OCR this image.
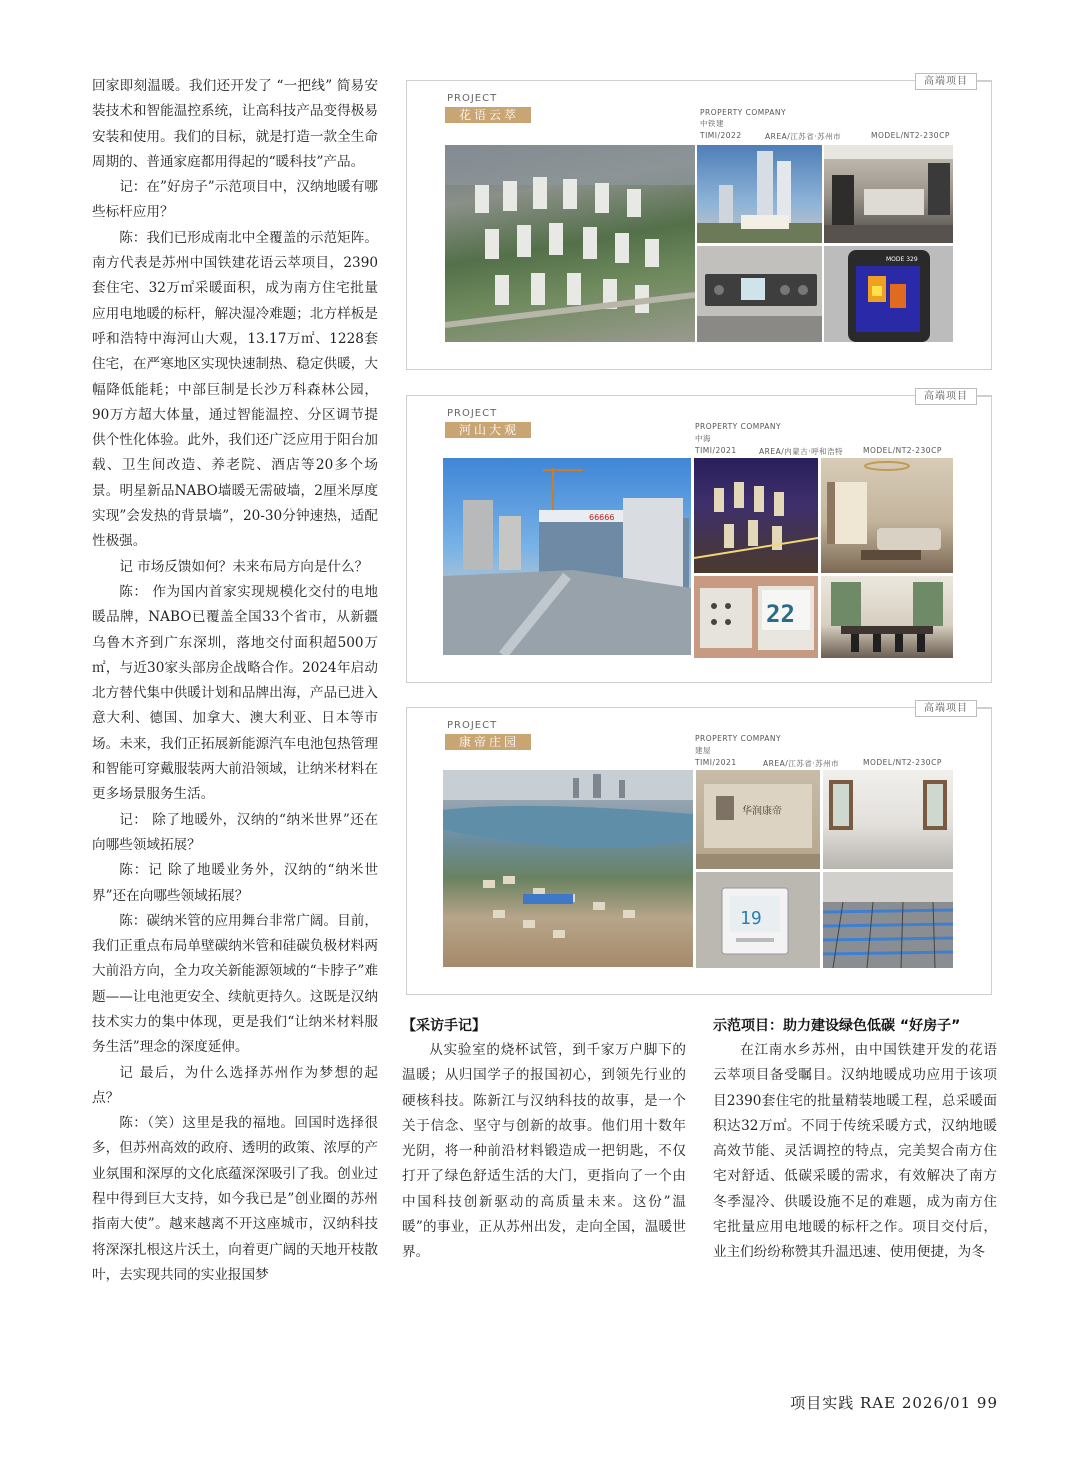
回家即刻温暖。我们还开发了 “一把线” 简易安装技术和智能温控系统，让高科技产品变得极易安装和使用。我们的目标，就是打造一款全生命周期的、普通家庭都用得起的“暖科技”产品。

记：在”好房子”示范项目中，汉纳地暖有哪些标杆应用？

陈：我们已形成南北中全覆盖的示范矩阵。南方代表是苏州中国铁建花语云萃项目，2390套住宅、32万㎡采暖面积，成为南方住宅批量应用电地暖的标杆，解决湿冷难题；北方样板是呼和浩特中海河山大观，13.17万㎡、1228套住宅，在严寒地区实现快速制热、稳定供暖，大幅降低能耗；中部巨制是长沙万科森林公园，90万方超大体量，通过智能温控、分区调节提供个性化体验。此外，我们还广泛应用于阳台加载、卫生间改造、养老院、酒店等20多个场景。明星新品NABO墙暖无需破墙，2厘米厚度实现”会发热的背景墙”，20-30分钟速热，适配性极强。

记 市场反馈如何？未来布局方向是什么？

陈： 作为国内首家实现规模化交付的电地暖品牌，NABO已覆盖全国33个省市，从新疆乌鲁木齐到广东深圳，落地交付面积超500万㎡，与近30家头部房企战略合作。2024年启动北方替代集中供暖计划和品牌出海，产品已进入意大利、德国、加拿大、澳大利亚、日本等市场。未来，我们正拓展新能源汽车电池包热管理和智能可穿戴服装两大前沿领域，让纳米材料在更多场景服务生活。

记： 除了地暖外，汉纳的“纳米世界”还在向哪些领域拓展？

陈：记 除了地暖业务外，汉纳的“纳米世界”还在向哪些领域拓展？

陈：碳纳米管的应用舞台非常广阔。目前，我们正重点布局单壁碳纳米管和硅碳负极材料两大前沿方向，全力攻关新能源领域的“卡脖子”难题——让电池更安全、续航更持久。这既是汉纳技术实力的集中体现，更是我们“让纳米材料服务生活”理念的深度延伸。

记 最后，为什么选择苏州作为梦想的起点？

陈：（笑）这里是我的福地。回国时选择很多，但苏州高效的政府、透明的政策、浓厚的产业氛围和深厚的文化底蕴深深吸引了我。创业过程中得到巨大支持，如今我已是”创业圈的苏州指南大使”。越来越离不开这座城市，汉纳科技将深深扎根这片沃土，向着更广阔的天地开枝散叶，去实现共同的实业报国梦

高端项目
PROJECT
花语云萃	PROPERTY COMPANY
中铁建
TIMI/2022	AREA/江苏省·苏州市	MODEL/NT2-230CP
MODE 329
高端项目
PROJECT
河山大观	PROPERTY COMPANY
中海
TIMI/2021	AREA/内蒙古·呼和浩特	MODEL/NT2-230CP
66666
22
高端项目
PROJECT
康帝庄园	PROPERTY COMPANY
建屋
TIMI/2021	AREA/江苏省·苏州市	MODEL/NT2-230CP
华润康帝
19
【采访手记】

从实验室的烧杯试管，到千家万户脚下的温暖；从归国学子的报国初心，到领先行业的硬核科技。陈新江与汉纳科技的故事，是一个关于信念、坚守与创新的故事。他们用十数年光阴，将一种前沿材料锻造成一把钥匙，不仅打开了绿色舒适生活的大门，更指向了一个由中国科技创新驱动的高质量未来。这份”温暖”的事业，正从苏州出发，走向全国，温暖世界。

示范项目：助力建设绿色低碳 “好房子”

在江南水乡苏州，由中国铁建开发的花语云萃项目备受瞩目。汉纳地暖成功应用于该项目2390套住宅的批量精装地暖工程，总采暖面积达32万㎡。不同于传统采暖方式，汉纳地暖高效节能、灵活调控的特点，完美契合南方住宅对舒适、低碳采暖的需求，有效解决了南方冬季湿冷、供暖设施不足的难题，成为南方住宅批量应用电地暖的标杆之作。项目交付后，业主们纷纷称赞其升温迅速、使用便捷，为冬

项目实践 RAE 2026/01 99
